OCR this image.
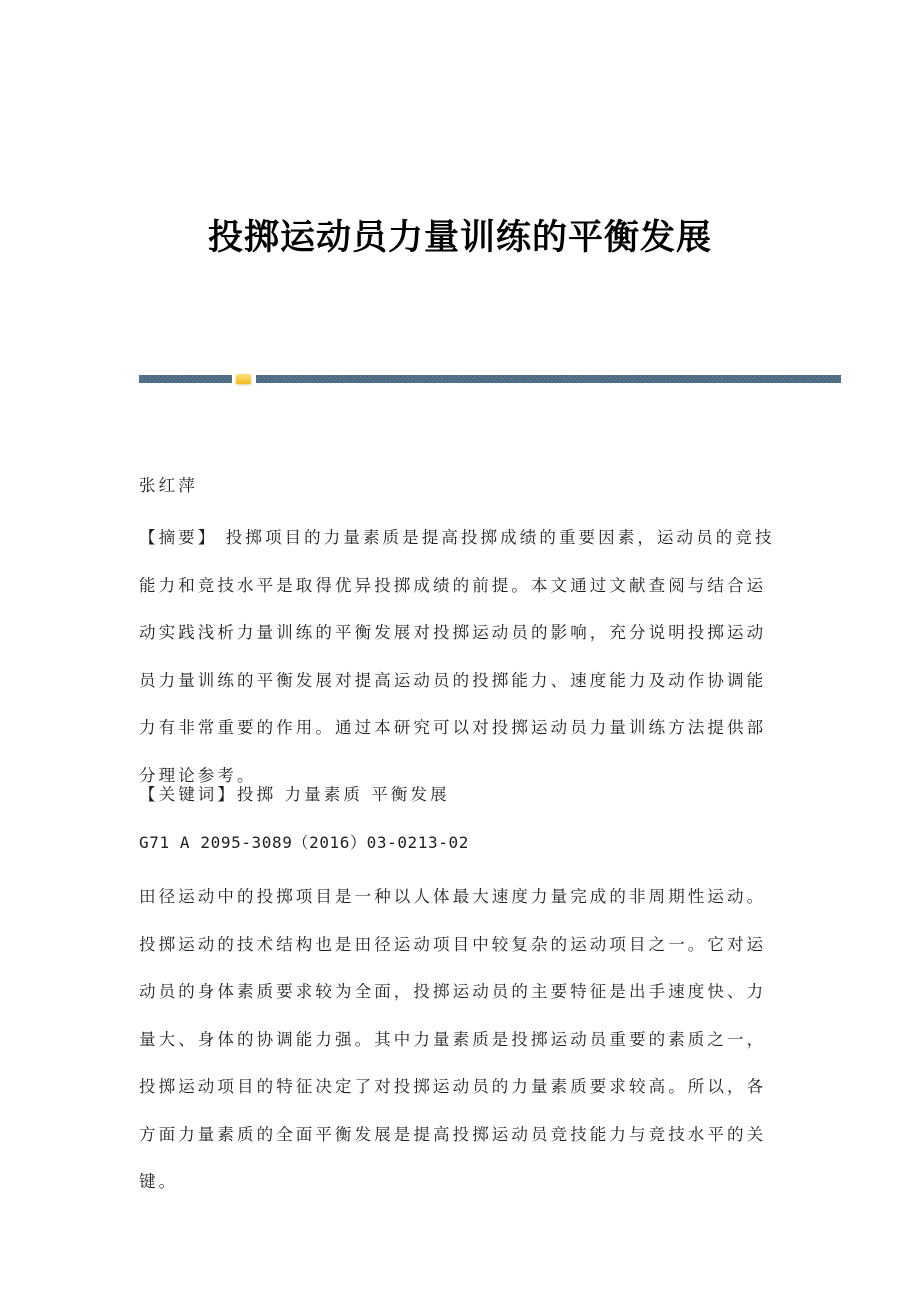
投掷运动员力量训练的平衡发展
张红萍
【摘要】 投掷项目的力量素质是提高投掷成绩的重要因素，运动员的竞技能力和竞技水平是取得优异投掷成绩的前提。本文通过文献查阅与结合运动实践浅析力量训练的平衡发展对投掷运动员的影响，充分说明投掷运动员力量训练的平衡发展对提高运动员的投掷能力、速度能力及动作协调能力有非常重要的作用。通过本研究可以对投掷运动员力量训练方法提供部分理论参考。
【关键词】投掷 力量素质 平衡发展
G71 A 2095-3089（2016）03-0213-02
田径运动中的投掷项目是一种以人体最大速度力量完成的非周期性运动。投掷运动的技术结构也是田径运动项目中较复杂的运动项目之一。它对运动员的身体素质要求较为全面，投掷运动员的主要特征是出手速度快、力量大、身体的协调能力强。其中力量素质是投掷运动员重要的素质之一，投掷运动项目的特征决定了对投掷运动员的力量素质要求较高。所以，各方面力量素质的全面平衡发展是提高投掷运动员竞技能力与竞技水平的关键。
